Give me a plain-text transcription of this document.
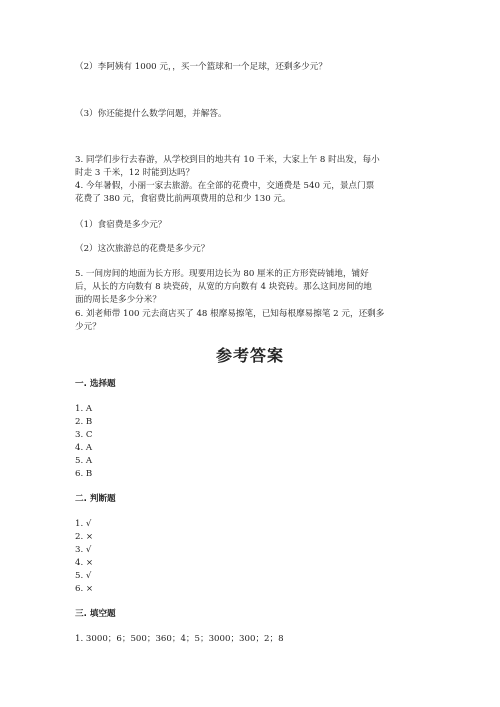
（2）李阿姨有 1000 元，，买一个篮球和一个足球，还剩多少元？
（3）你还能提什么数学问题，并解答。
3. 同学们步行去春游，从学校到目的地共有 10 千米，大家上午 8 时出发，每小
时走 3 千米，12 时能到达吗？
4. 今年暑假，小丽一家去旅游。在全部的花费中，交通费是 540 元，景点门票
花费了 380 元，食宿费比前两项费用的总和少 130 元。
（1）食宿费是多少元？
（2）这次旅游总的花费是多少元？
5. 一间房间的地面为长方形。现要用边长为 80 厘米的正方形瓷砖铺地，铺好
后，从长的方向数有 8 块瓷砖，从宽的方向数有 4 块瓷砖。那么这间房间的地
面的周长是多少分米？
6. 刘老师带 100 元去商店买了 48 根摩易擦笔，已知每根摩易擦笔 2 元，还剩多
少元？
参考答案
一. 选择题
1. A
2. B
3. C
4. A
5. A
6. B
二. 判断题
1. √
2. ×
3. √
4. ×
5. √
6. ×
三. 填空题
1. 3000；6；500；360；4；5；3000；300；2；8
